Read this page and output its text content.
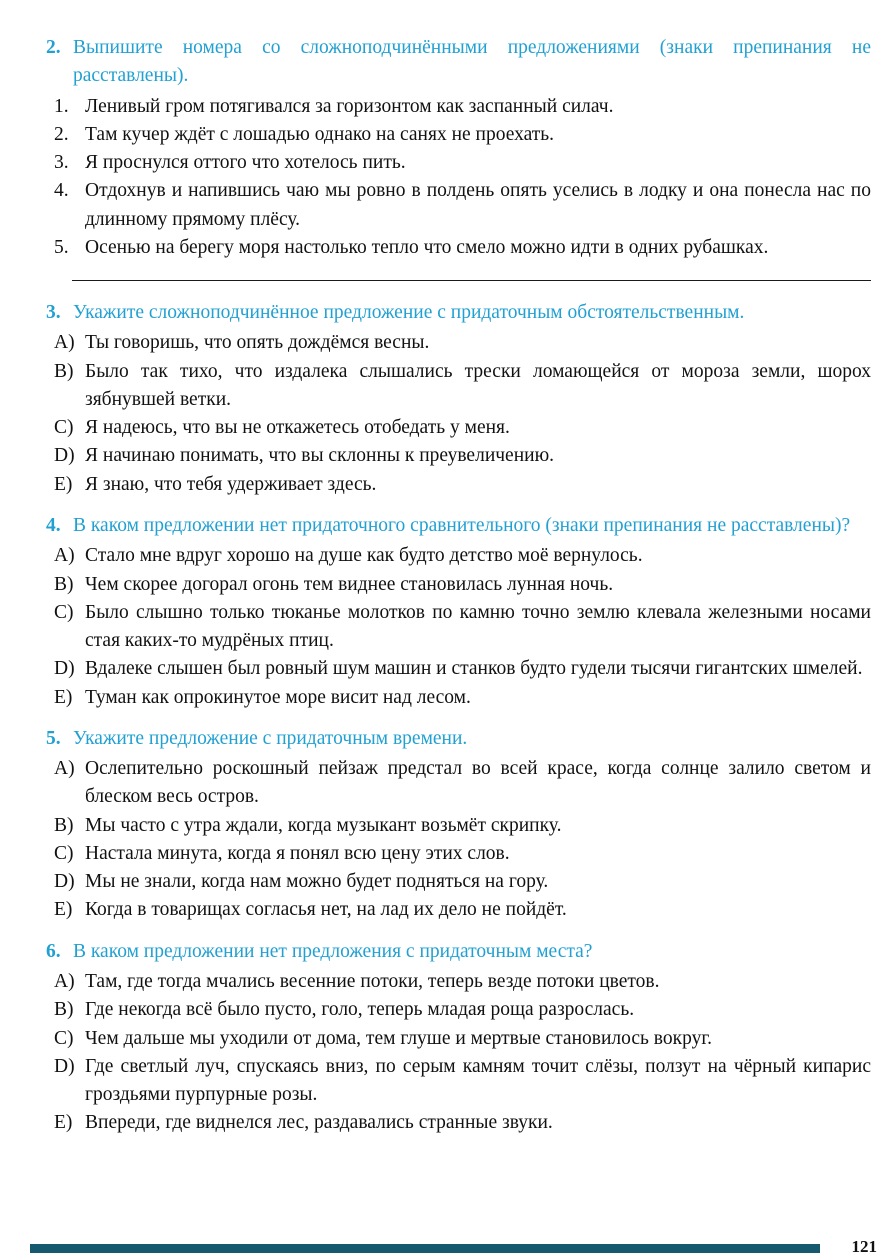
2. Выпишите номера со сложноподчинёнными предложениями (знаки препинания не расставлены).
1. Ленивый гром потягивался за горизонтом как заспанный силач.
2. Там кучер ждёт с лошадью однако на санях не проехать.
3. Я проснулся оттого что хотелось пить.
4. Отдохнув и напившись чаю мы ровно в полдень опять уселись в лодку и она понесла нас по длинному прямому плёсу.
5. Осенью на берегу моря настолько тепло что смело можно идти в одних рубашках.
3. Укажите сложноподчинённое предложение с придаточным обстоятельственным.
A) Ты говоришь, что опять дождёмся весны.
B) Было так тихо, что издалека слышались трески ломающейся от мороза земли, шорох зябнувшей ветки.
C) Я надеюсь, что вы не откажетесь отобедать у меня.
D) Я начинаю понимать, что вы склонны к преувеличению.
E) Я знаю, что тебя удерживает здесь.
4. В каком предложении нет придаточного сравнительного (знаки препинания не расставлены)?
A) Стало мне вдруг хорошо на душе как будто детство моё вернулось.
B) Чем скорее догорал огонь тем виднее становилась лунная ночь.
C) Было слышно только тюканье молотков по камню точно землю клевала железными носами стая каких-то мудрёных птиц.
D) Вдалеке слышен был ровный шум машин и станков будто гудели тысячи гигантских шмелей.
E) Туман как опрокинутое море висит над лесом.
5. Укажите предложение с придаточным времени.
A) Ослепительно роскошный пейзаж предстал во всей красе, когда солнце залило светом и блеском весь остров.
B) Мы часто с утра ждали, когда музыкант возьмёт скрипку.
C) Настала минута, когда я понял всю цену этих слов.
D) Мы не знали, когда нам можно будет подняться на гору.
E) Когда в товарищах согласья нет, на лад их дело не пойдёт.
6. В каком предложении нет предложения с придаточным места?
A) Там, где тогда мчались весенние потоки, теперь везде потоки цветов.
B) Где некогда всё было пусто, голо, теперь младая роща разрослась.
C) Чем дальше мы уходили от дома, тем глуше и мертвые становилось вокруг.
D) Где светлый луч, спускаясь вниз, по серым камням точит слёзы, ползут на чёрный кипарис гроздьями пурпурные розы.
E) Впереди, где виднелся лес, раздавались странные звуки.
121
